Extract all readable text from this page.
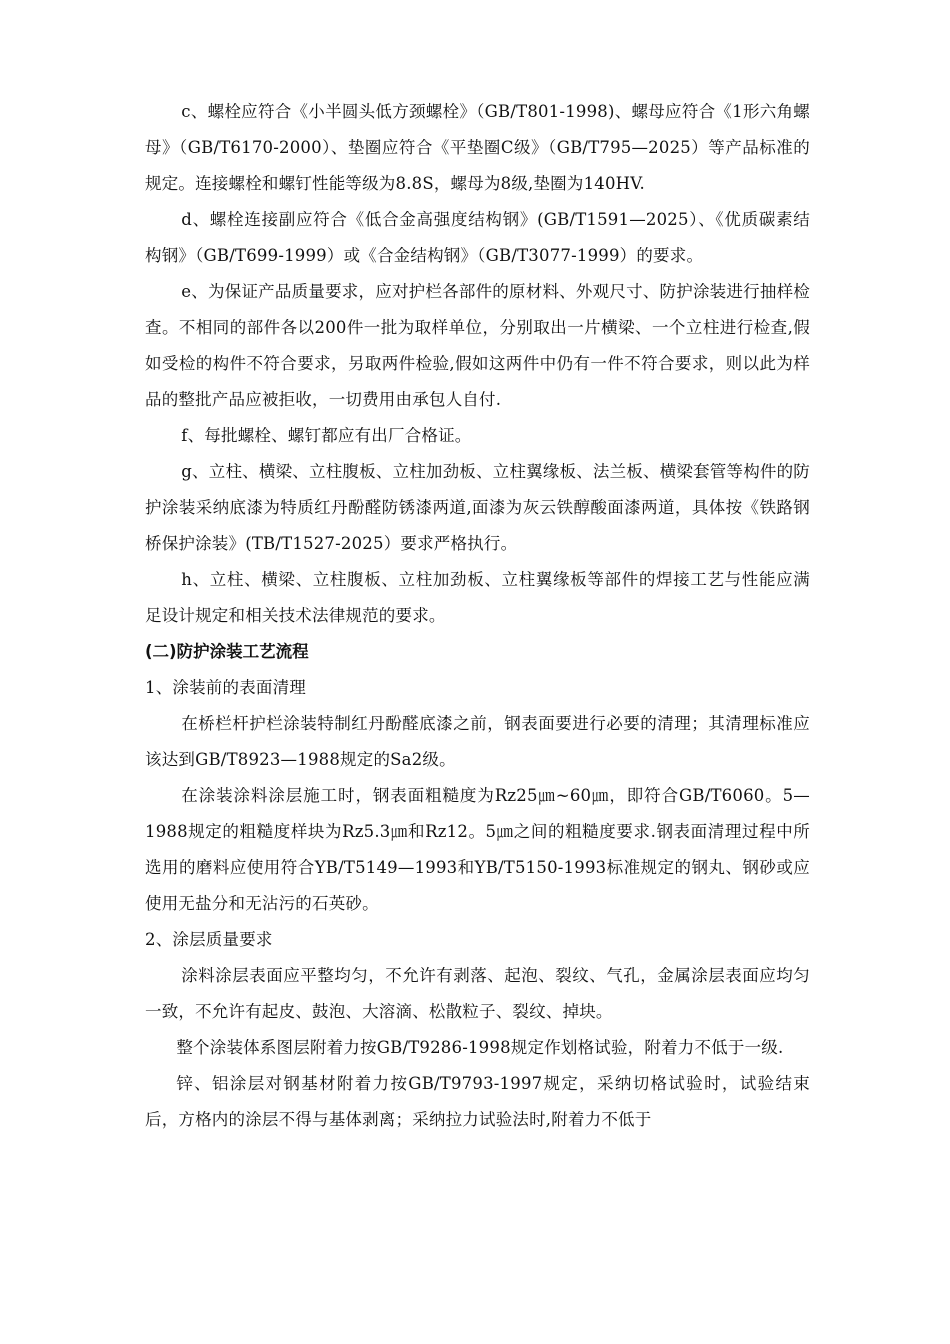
c、螺栓应符合《小半圆头低方颈螺栓》（GB/T801-1998)、螺母应符合《1形六角螺母》（GB/T6170-2000）、垫圈应符合《平垫圈C级》（GB/T795—2025）等产品标准的规定。连接螺栓和螺钉性能等级为8.8S，螺母为8级,垫圈为140HV.

d、螺栓连接副应符合《低合金高强度结构钢》(GB/T1591—2025）、《优质碳素结构钢》（GB/T699-1999）或《合金结构钢》（GB/T3077-1999）的要求。

e、为保证产品质量要求，应对护栏各部件的原材料、外观尺寸、防护涂装进行抽样检查。不相同的部件各以200件一批为取样单位，分别取出一片横梁、一个立柱进行检查,假如受检的构件不符合要求，另取两件检验,假如这两件中仍有一件不符合要求，则以此为样品的整批产品应被拒收，一切费用由承包人自付.

f、每批螺栓、螺钉都应有出厂合格证。

g、立柱、横梁、立柱腹板、立柱加劲板、立柱翼缘板、法兰板、横梁套管等构件的防护涂装采纳底漆为特质红丹酚醛防锈漆两道,面漆为灰云铁醇酸面漆两道，具体按《铁路钢桥保护涂装》(TB/T1527-2025）要求严格执行。

h、立柱、横梁、立柱腹板、立柱加劲板、立柱翼缘板等部件的焊接工艺与性能应满足设计规定和相关技术法律规范的要求。

(二)防护涂装工艺流程

1、涂装前的表面清理

在桥栏杆护栏涂装特制红丹酚醛底漆之前，钢表面要进行必要的清理；其清理标准应该达到GB/T8923—1988规定的Sa2级。

在涂装涂料涂层施工时，钢表面粗糙度为Rz25㎛~60㎛，即符合GB/T6060。5—1988规定的粗糙度样块为Rz5.3㎛和Rz12。5㎛之间的粗糙度要求.钢表面清理过程中所选用的磨料应使用符合YB/T5149—1993和YB/T5150-1993标准规定的钢丸、钢砂或应使用无盐分和无沾污的石英砂。

2、涂层质量要求

涂料涂层表面应平整均匀，不允许有剥落、起泡、裂纹、气孔，金属涂层表面应均匀一致，不允许有起皮、鼓泡、大溶滴、松散粒子、裂纹、掉块。

整个涂装体系图层附着力按GB/T9286-1998规定作划格试验，附着力不低于一级.

锌、铝涂层对钢基材附着力按GB/T9793-1997规定，采纳切格试验时，试验结束后，方格内的涂层不得与基体剥离；采纳拉力试验法时,附着力不低于
